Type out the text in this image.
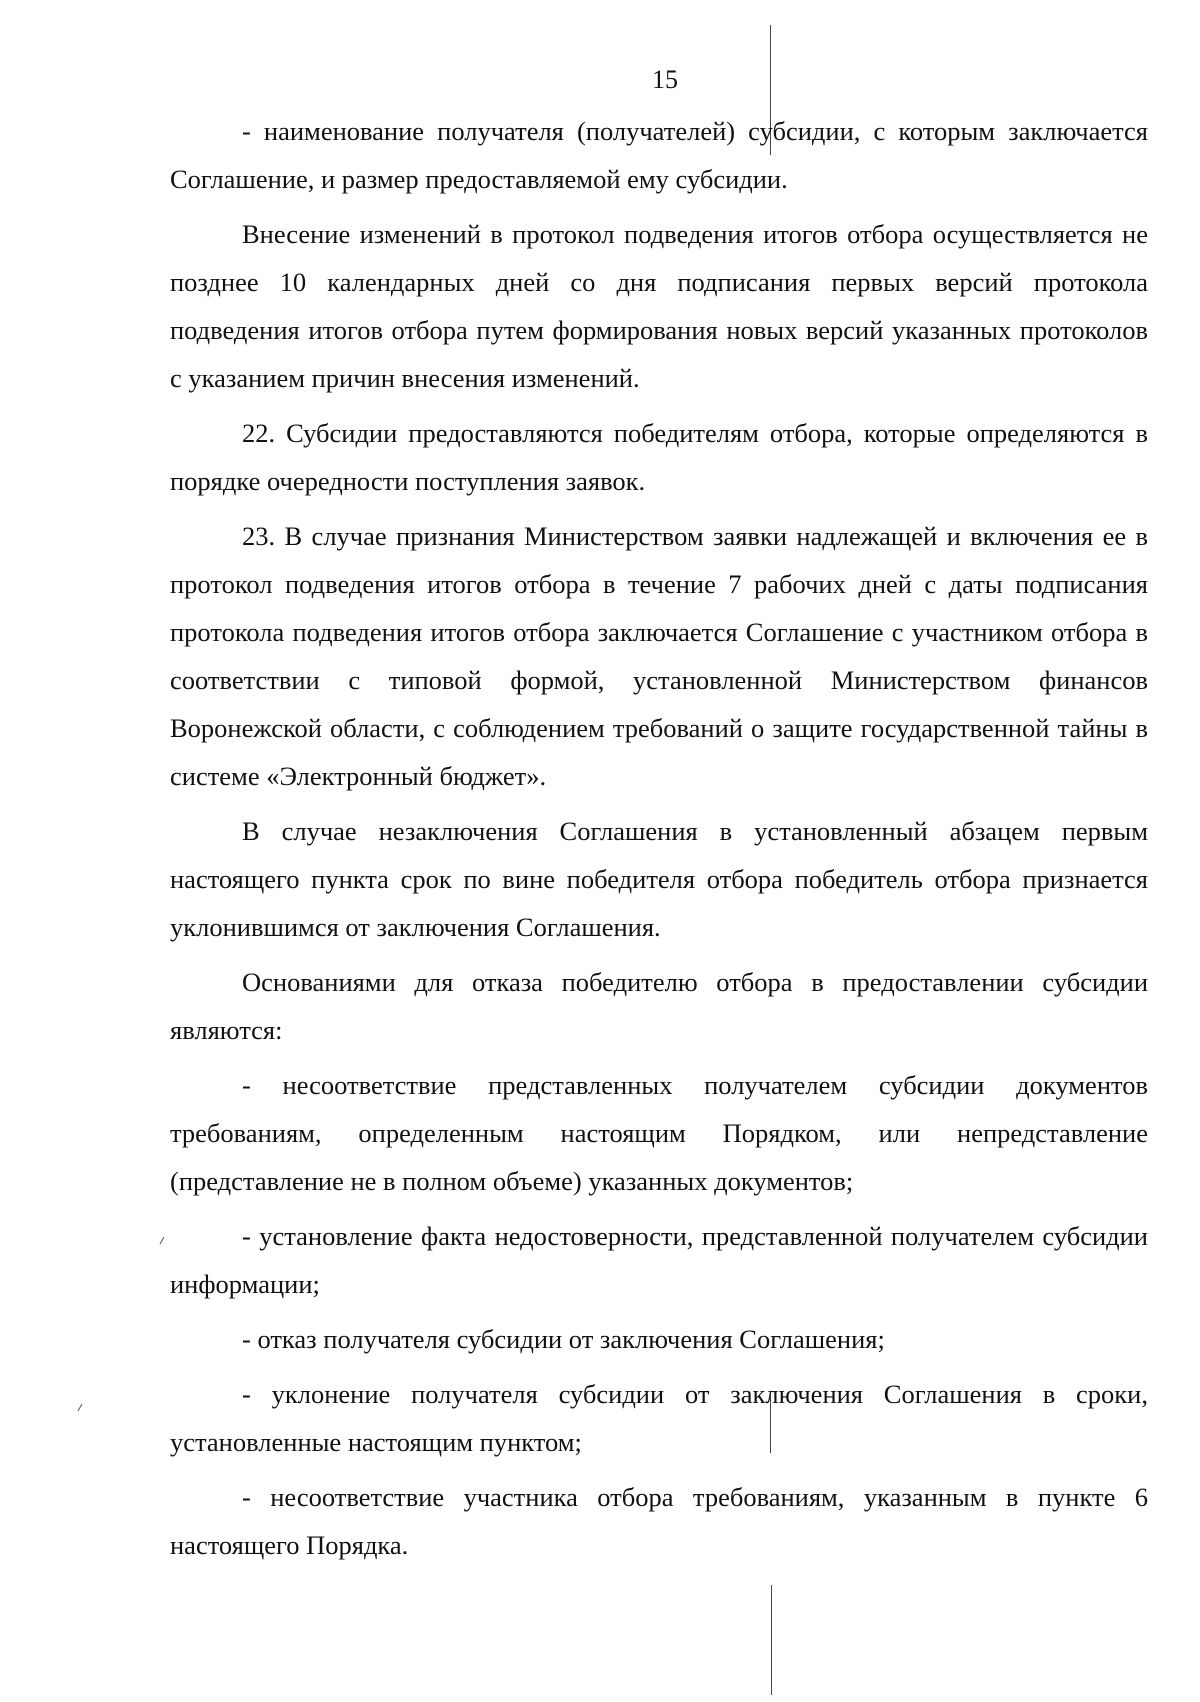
15

- наименование получателя (получателей) субсидии, с которым заключается Соглашение, и размер предоставляемой ему субсидии.

Внесение изменений в протокол подведения итогов отбора осуществляется не позднее 10 календарных дней со дня подписания первых версий протокола подведения итогов отбора путем формирования новых версий указанных протоколов с указанием причин внесения изменений.

22. Субсидии предоставляются победителям отбора, которые определяются в порядке очередности поступления заявок.

23. В случае признания Министерством заявки надлежащей и включения ее в протокол подведения итогов отбора в течение 7 рабочих дней с даты подписания протокола подведения итогов отбора заключается Соглашение с участником отбора в соответствии с типовой формой, установленной Министерством финансов Воронежской области, с соблюдением требований о защите государственной тайны в системе «Электронный бюджет».

В случае незаключения Соглашения в установленный абзацем первым настоящего пункта срок по вине победителя отбора победитель отбора признается уклонившимся от заключения Соглашения.

Основаниями для отказа победителю отбора в предоставлении субсидии являются:

- несоответствие представленных получателем субсидии документов требованиям, определенным настоящим Порядком, или непредставление (представление не в полном объеме) указанных документов;

- установление факта недостоверности, представленной получателем субсидии информации;

- отказ получателя субсидии от заключения Соглашения;

- уклонение получателя субсидии от заключения Соглашения в сроки, установленные настоящим пунктом;

- несоответствие участника отбора требованиям, указанным в пункте 6 настоящего Порядка.
